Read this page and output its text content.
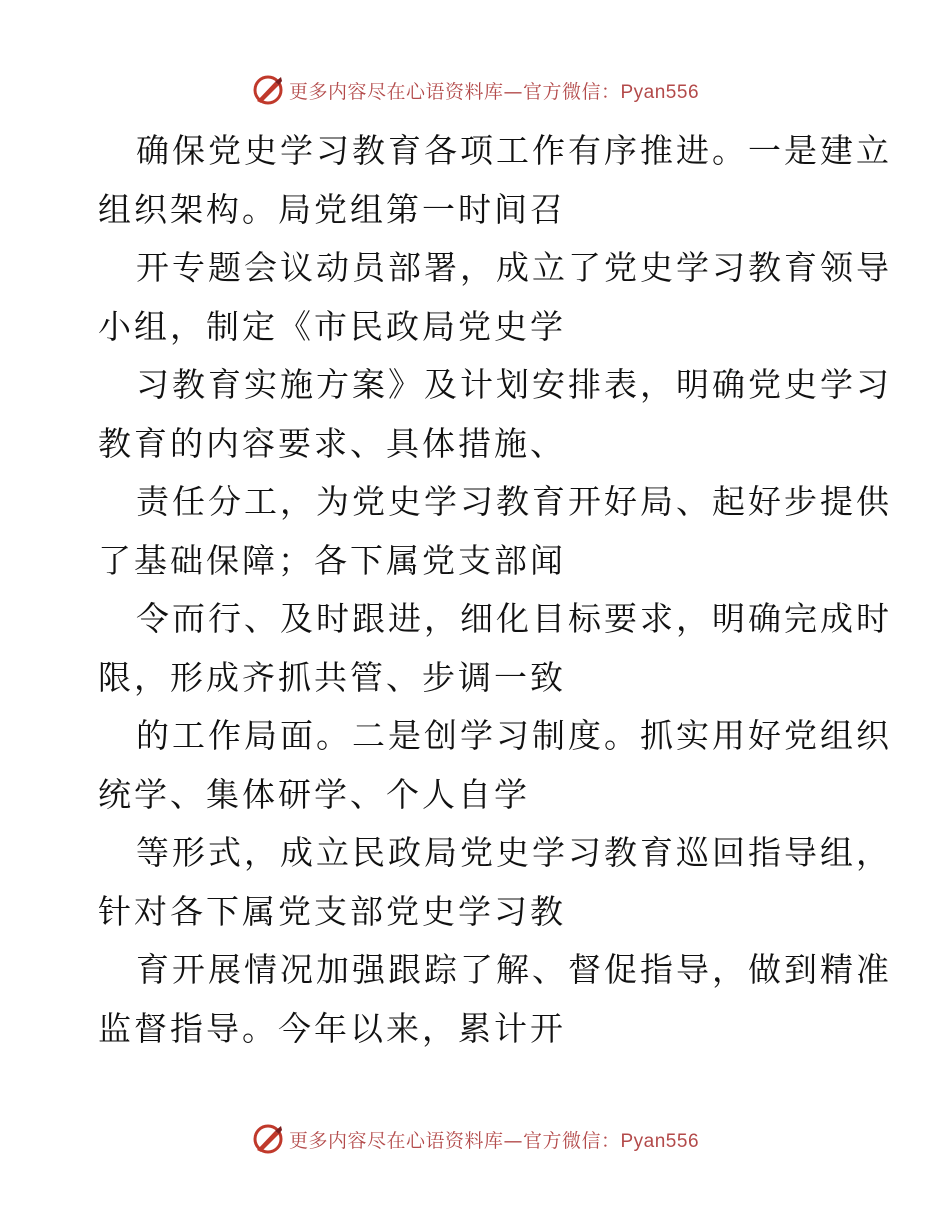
更多内容尽在心语资料库—官方微信：Pyan556
确保党史学习教育各项工作有序推进。一是建立
组织架构。局党组第一时间召
开专题会议动员部署，成立了党史学习教育领导
小组，制定《市民政局党史学
习教育实施方案》及计划安排表，明确党史学习
教育的内容要求、具体措施、
责任分工，为党史学习教育开好局、起好步提供
了基础保障；各下属党支部闻
令而行、及时跟进，细化目标要求，明确完成时
限，形成齐抓共管、步调一致
的工作局面。二是创学习制度。抓实用好党组织
统学、集体研学、个人自学
等形式，成立民政局党史学习教育巡回指导组，
针对各下属党支部党史学习教
育开展情况加强跟踪了解、督促指导，做到精准
监督指导。今年以来，累计开
更多内容尽在心语资料库—官方微信：Pyan556
